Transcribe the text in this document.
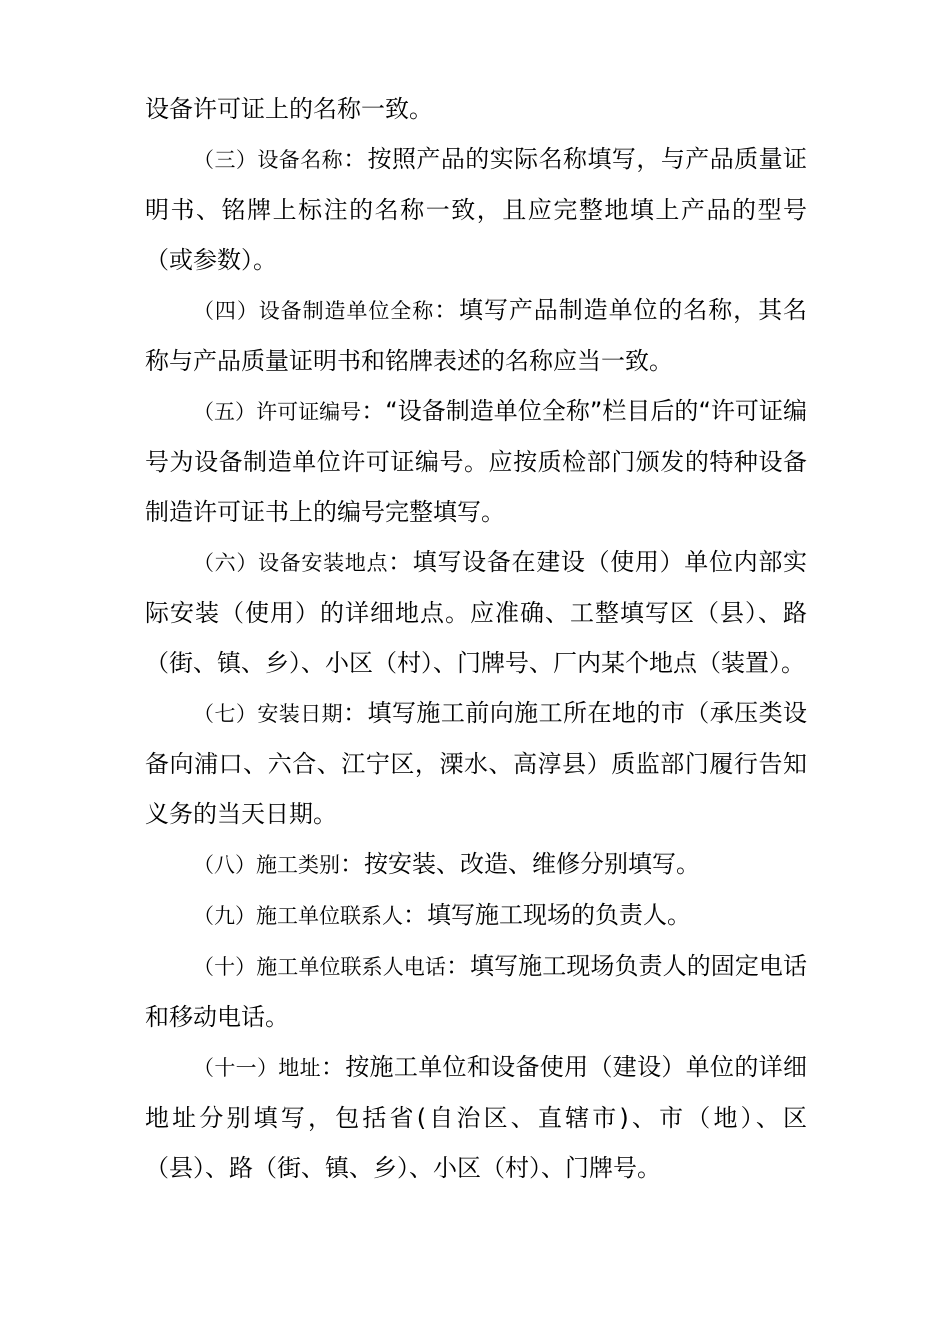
设备许可证上的名称一致。

（三）设备名称：按照产品的实际名称填写，与产品质量证明书、铭牌上标注的名称一致，且应完整地填上产品的型号（或参数）。

（四）设备制造单位全称：填写产品制造单位的名称，其名称与产品质量证明书和铭牌表述的名称应当一致。

（五）许可证编号：“设备制造单位全称”栏目后的“许可证编号为设备制造单位许可证编号。应按质检部门颁发的特种设备制造许可证书上的编号完整填写。

（六）设备安装地点：填写设备在建设（使用）单位内部实际安装（使用）的详细地点。应准确、工整填写区（县）、路（街、镇、乡）、小区（村）、门牌号、厂内某个地点（装置）。

（七）安装日期：填写施工前向施工所在地的市（承压类设备向浦口、六合、江宁区，溧水、高淳县）质监部门履行告知义务的当天日期。

（八）施工类别：按安装、改造、维修分别填写。

（九）施工单位联系人：填写施工现场的负责人。

（十）施工单位联系人电话：填写施工现场负责人的固定电话和移动电话。

（十一）地址：按施工单位和设备使用（建设）单位的详细地址分别填写，包括省(自治区、直辖市)、市（地）、区（县）、路（街、镇、乡）、小区（村）、门牌号。
